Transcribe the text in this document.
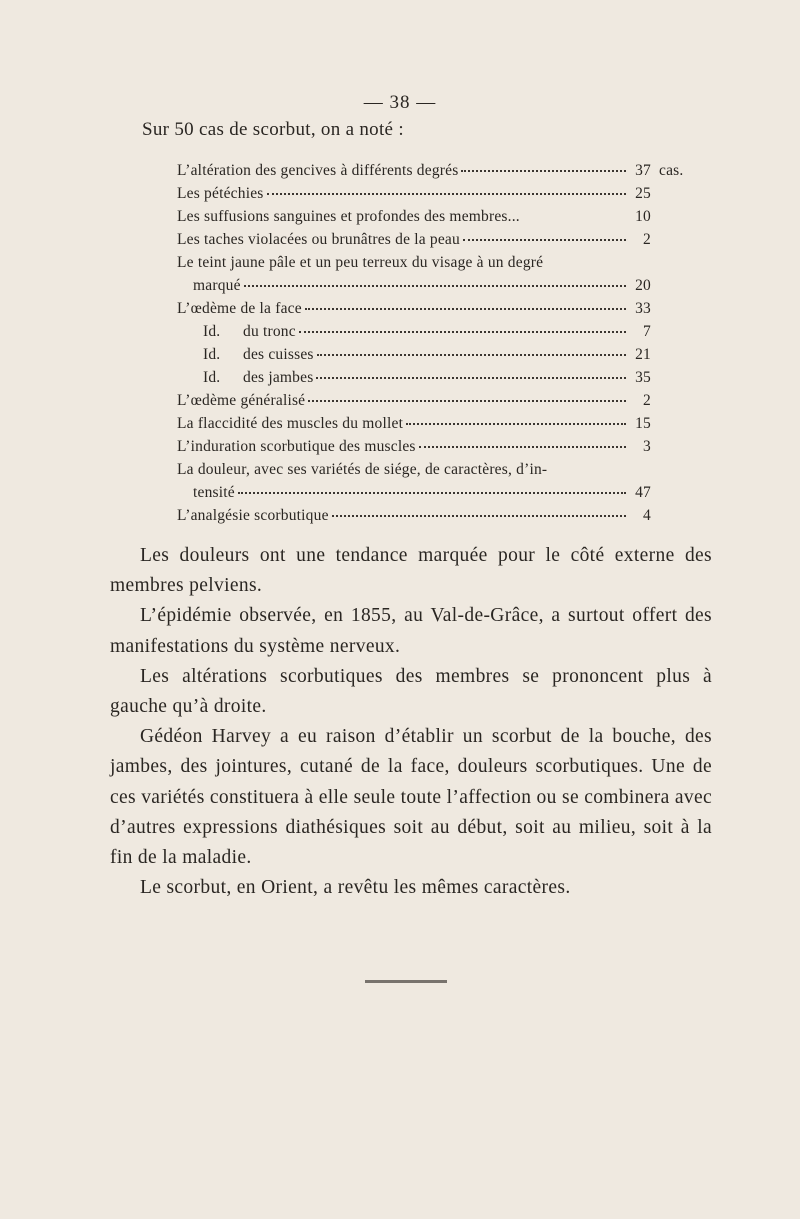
— 38 —
Sur 50 cas de scorbut, on a noté :
L’altération des gencives à différents degrés	37 cas.
Les pétéchies	25
Les suffusions sanguines et profondes des membres...	10
Les taches violacées ou brunâtres de la peau	2
Le teint jaune pâle et un peu terreux du visage à un degré
marqué	20
L’œdème de la face	33
Id. du tronc	7
Id. des cuisses	21
Id. des jambes	35
L’œdème généralisé	2
La flaccidité des muscles du mollet	15
L’induration scorbutique des muscles	3
La douleur, avec ses variétés de siége, de caractères, d’in-
tensité	47
L’analgésie scorbutique	4

Les douleurs ont une tendance marquée pour le côté externe des membres pelviens.

L’épidémie observée, en 1855, au Val-de-Grâce, a surtout offert des manifestations du système nerveux.

Les altérations scorbutiques des membres se prononcent plus à gauche qu’à droite.

Gédéon Harvey a eu raison d’établir un scorbut de la bouche, des jambes, des jointures, cutané de la face, douleurs scorbutiques. Une de ces variétés constituera à elle seule toute l’affection ou se combinera avec d’autres expressions diathésiques soit au début, soit au milieu, soit à la fin de la maladie.

Le scorbut, en Orient, a revêtu les mêmes caractères.
